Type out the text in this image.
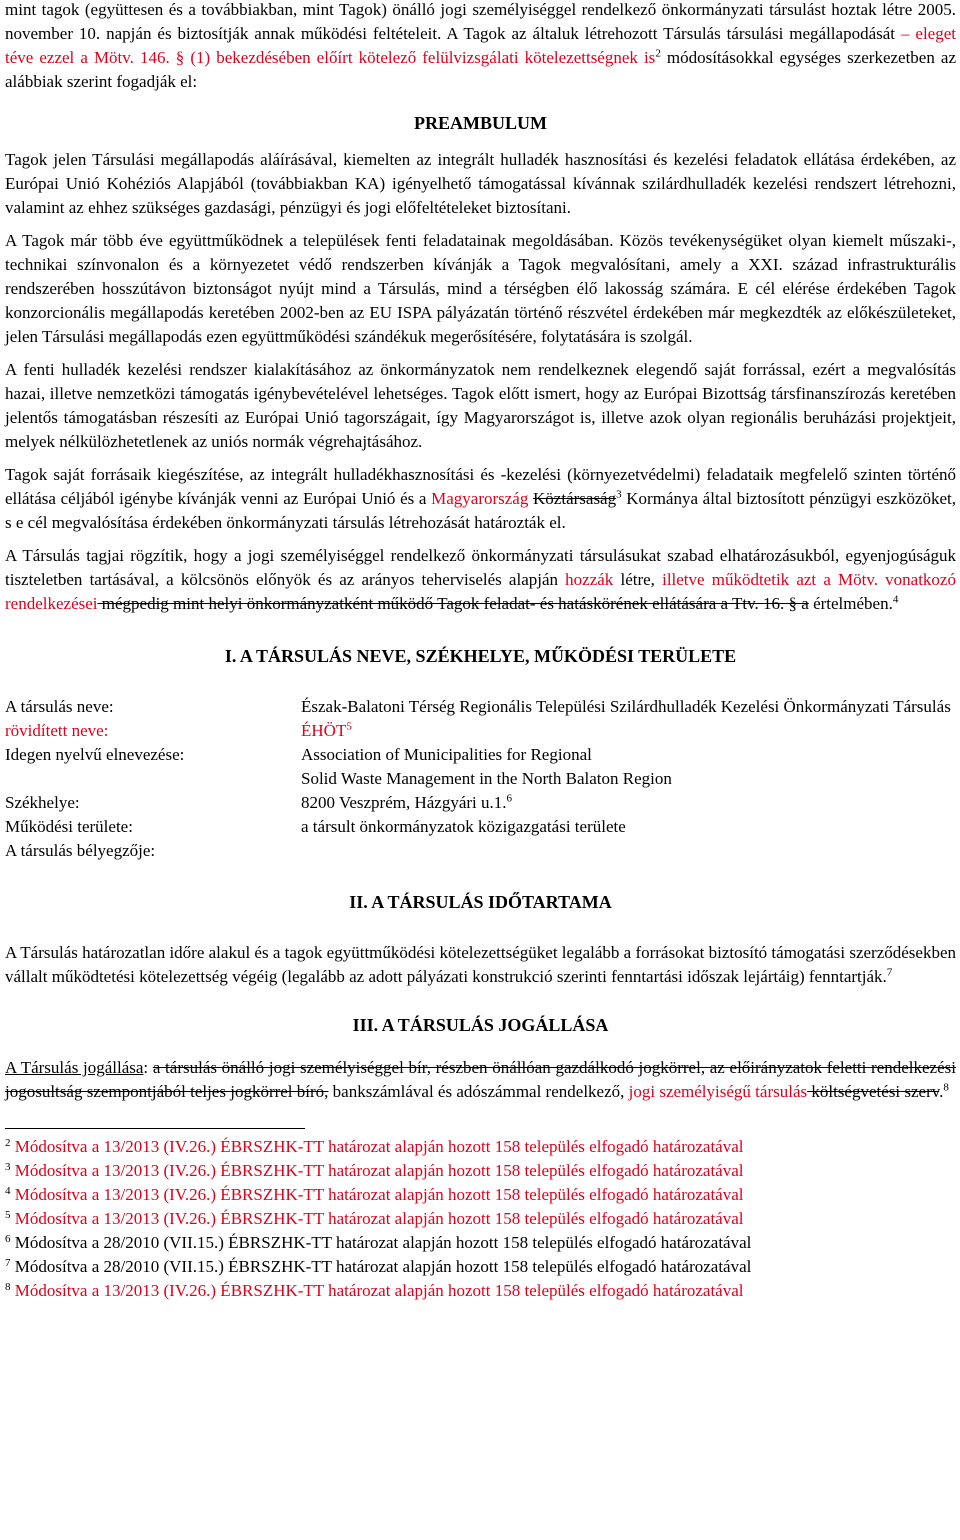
mint tagok (együttesen és a továbbiakban, mint Tagok) önálló jogi személyiséggel rendelkező önkormányzati társulást hoztak létre 2005. november 10. napján és biztosítják annak működési feltételeit. A Tagok az általuk létrehozott Társulás társulási megállapodását – eleget téve ezzel a Mötv. 146. § (1) bekezdésében előírt kötelező felülvizsgálati kötelezettségnek $is^2$ módosításokkal egységes szerkezetben az alábbiak szerint fogadják el:

PREAMBULUM

Tagok jelen Társulási megállapodás aláírásával, kiemelten az integrált hulladék hasznosítási és kezelési feladatok ellátása érdekében, az Európai Unió Kohéziós Alapjából (továbbiakban KA) igényelhető támogatással kívánnak szilárdhulladék kezelési rendszert létrehozni, valamint az ehhez szükséges gazdasági, pénzügyi és jogi előfeltételeket biztosítani.

A Tagok már több éve együttműködnek a települések fenti feladatainak megoldásában. Közös tevékenységüket olyan kiemelt műszaki-, technikai színvonalon és a környezetet védő rendszerben kívánják a Tagok megvalósítani, amely a XXI. század infrastrukturális rendszerében hosszútávon biztonságot nyújt mind a Társulás, mind a térségben élő lakosság számára. E cél elérése érdekében Tagok konzorcionális megállapodás keretében 2002-ben az EU ISPA pályázatán történő részvétel érdekében már megkezdték az előkészületeket, jelen Társulási megállapodás ezen együttműködési szándékuk megerősítésére, folytatására is szolgál.

A fenti hulladék kezelési rendszer kialakításához az önkormányzatok nem rendelkeznek elegendő saját forrással, ezért a megvalósítás hazai, illetve nemzetközi támogatás igénybevételével lehetséges. Tagok előtt ismert, hogy az Európai Bizottság társfinanszírozás keretében jelentős támogatásban részesíti az Európai Unió tagországait, így Magyarországot is, illetve azok olyan regionális beruházási projektjeit, melyek nélkülözhetetlenek az uniós normák végrehajtásához.

Tagok saját forrásaik kiegészítése, az integrált hulladékhasznosítási és -kezelési (környezetvédelmi) feladataik megfelelő szinten történő ellátása céljából igénybe kívánják venni az Európai Unió és a Magyarország Köztársaság$^3$ Kormánya által biztosított pénzügyi eszközöket, s e cél megvalósítása érdekében önkormányzati társulás létrehozását határozták el.

A Társulás tagjai rögzítik, hogy a jogi személyiséggel rendelkező önkormányzati társulásukat szabad elhatározásukból, egyenjogúságuk tiszteletben tartásával, a kölcsönös előnyök és az arányos teherviselés alapján hozzák létre, illetve működtetik azt a Mötv. vonatkozó rendelkezései mégpedig mint helyi önkormányzatként működő Tagok feladat- és hatáskörének ellátására a Ttv. 16. § a értelmében.$^4$

I. A TÁRSULÁS NEVE, SZÉKHELYE, MŰKÖDÉSI TERÜLETE
A társulás neve:	Észak-Balatoni Térség Regionális Települési Szilárdhulladék Kezelési Önkormányzati Társulás
rövidített neve:	ÉHÖT$^5$
Idegen nyelvű elnevezése:	Association of Municipalities for Regional
Solid Waste Management in the North Balaton Region
Székhelye:	8200 Veszprém, Házgyári u.1.$^6$
Működési területe:	a társult önkormányzatok közigazgatási területe
A társulás bélyegzője:
II. A TÁRSULÁS IDŐTARTAMA

A Társulás határozatlan időre alakul és a tagok együttműködési kötelezettségüket legalább a forrásokat biztosító támogatási szerződésekben vállalt működtetési kötelezettség végéig (legalább az adott pályázati konstrukció szerinti fenntartási időszak lejártáig) fenntartják.$^7$

III. A TÁRSULÁS JOGÁLLÁSA

A Társulás jogállása: a társulás önálló jogi személyiséggel bír, részben önállóan gazdálkodó jogkörrel, az előirányzatok feletti rendelkezési jogosultság szempontjából teljes jogkörrel bíró, bankszámlával és adószámmal rendelkező, jogi személyiségű társulás költségvetési szerv.$^8$

$^2$ Módosítva a 13/2013 (IV.26.) ÉBRSZHK-TT határozat alapján hozott 158 település elfogadó határozatával
$^3$ Módosítva a 13/2013 (IV.26.) ÉBRSZHK-TT határozat alapján hozott 158 település elfogadó határozatával
$^4$ Módosítva a 13/2013 (IV.26.) ÉBRSZHK-TT határozat alapján hozott 158 település elfogadó határozatával
$^5$ Módosítva a 13/2013 (IV.26.) ÉBRSZHK-TT határozat alapján hozott 158 település elfogadó határozatával
$^6$ Módosítva a 28/2010 (VII.15.) ÉBRSZHK-TT határozat alapján hozott 158 település elfogadó határozatával
$^7$ Módosítva a 28/2010 (VII.15.) ÉBRSZHK-TT határozat alapján hozott 158 település elfogadó határozatával
$^8$ Módosítva a 13/2013 (IV.26.) ÉBRSZHK-TT határozat alapján hozott 158 település elfogadó határozatával
